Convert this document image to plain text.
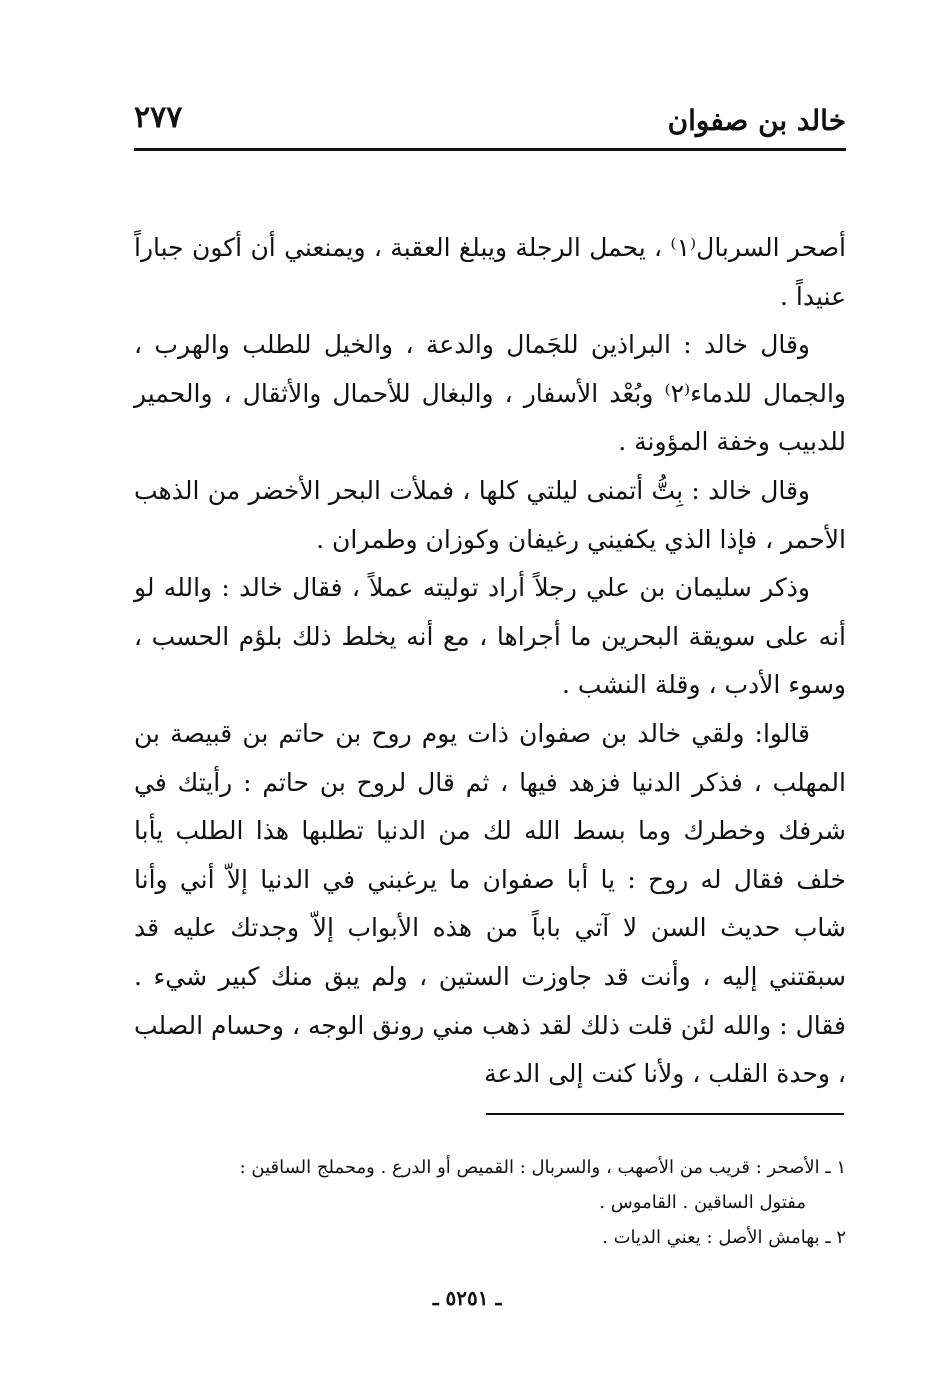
خالد بن صفوان
٢٧٧

أصحر السربال⁽١⁾ ، يحمل الرجلة ويبلغ العقبة ، ويمنعني أن أكون جباراً عنيداً .

وقال خالد : البراذين للجَمال والدعة ، والخيل للطلب والهرب ، والجمال للدماء⁽٢⁾ وبُعْد الأسفار ، والبغال للأحمال والأثقال ، والحمير للدبيب وخفة المؤونة .

وقال خالد : بِتُّ أتمنى ليلتي كلها ، فملأت البحر الأخضر من الذهب الأحمر ، فإذا الذي يكفيني رغيفان وكوزان وطمران .

وذكر سليمان بن علي رجلاً أراد توليته عملاً ، فقال خالد : والله لو أنه على سويقة البحرين ما أجراها ، مع أنه يخلط ذلك بلؤم الحسب ، وسوء الأدب ، وقلة النشب .

قالوا: ولقي خالد بن صفوان ذات يوم روح بن حاتم بن قبيصة بن المهلب ، فذكر الدنيا فزهد فيها ، ثم قال لروح بن حاتم : رأيتك في شرفك وخطرك وما بسط الله لك من الدنيا تطلبها هذا الطلب يأبا خلف فقال له روح : يا أبا صفوان ما يرغبني في الدنيا إلاّ أني وأنا شاب حديث السن لا آتي باباً من هذه الأبواب إلاّ وجدتك عليه قد سبقتني إليه ، وأنت قد جاوزت الستين ، ولم يبق منك كبير شيء . فقال : والله لئن قلت ذلك لقد ذهب مني رونق الوجه ، وحسام الصلب ، وحدة القلب ، ولأنا كنت إلى الدعة

١ ـ الأصحر : قريب من الأصهب ، والسربال : القميص أو الدرع . ومحملج الساقين :

مفتول الساقين . القاموس .

٢ ـ بهامش الأصل : يعني الديات .

ـ ٥٢٥١ ـ
